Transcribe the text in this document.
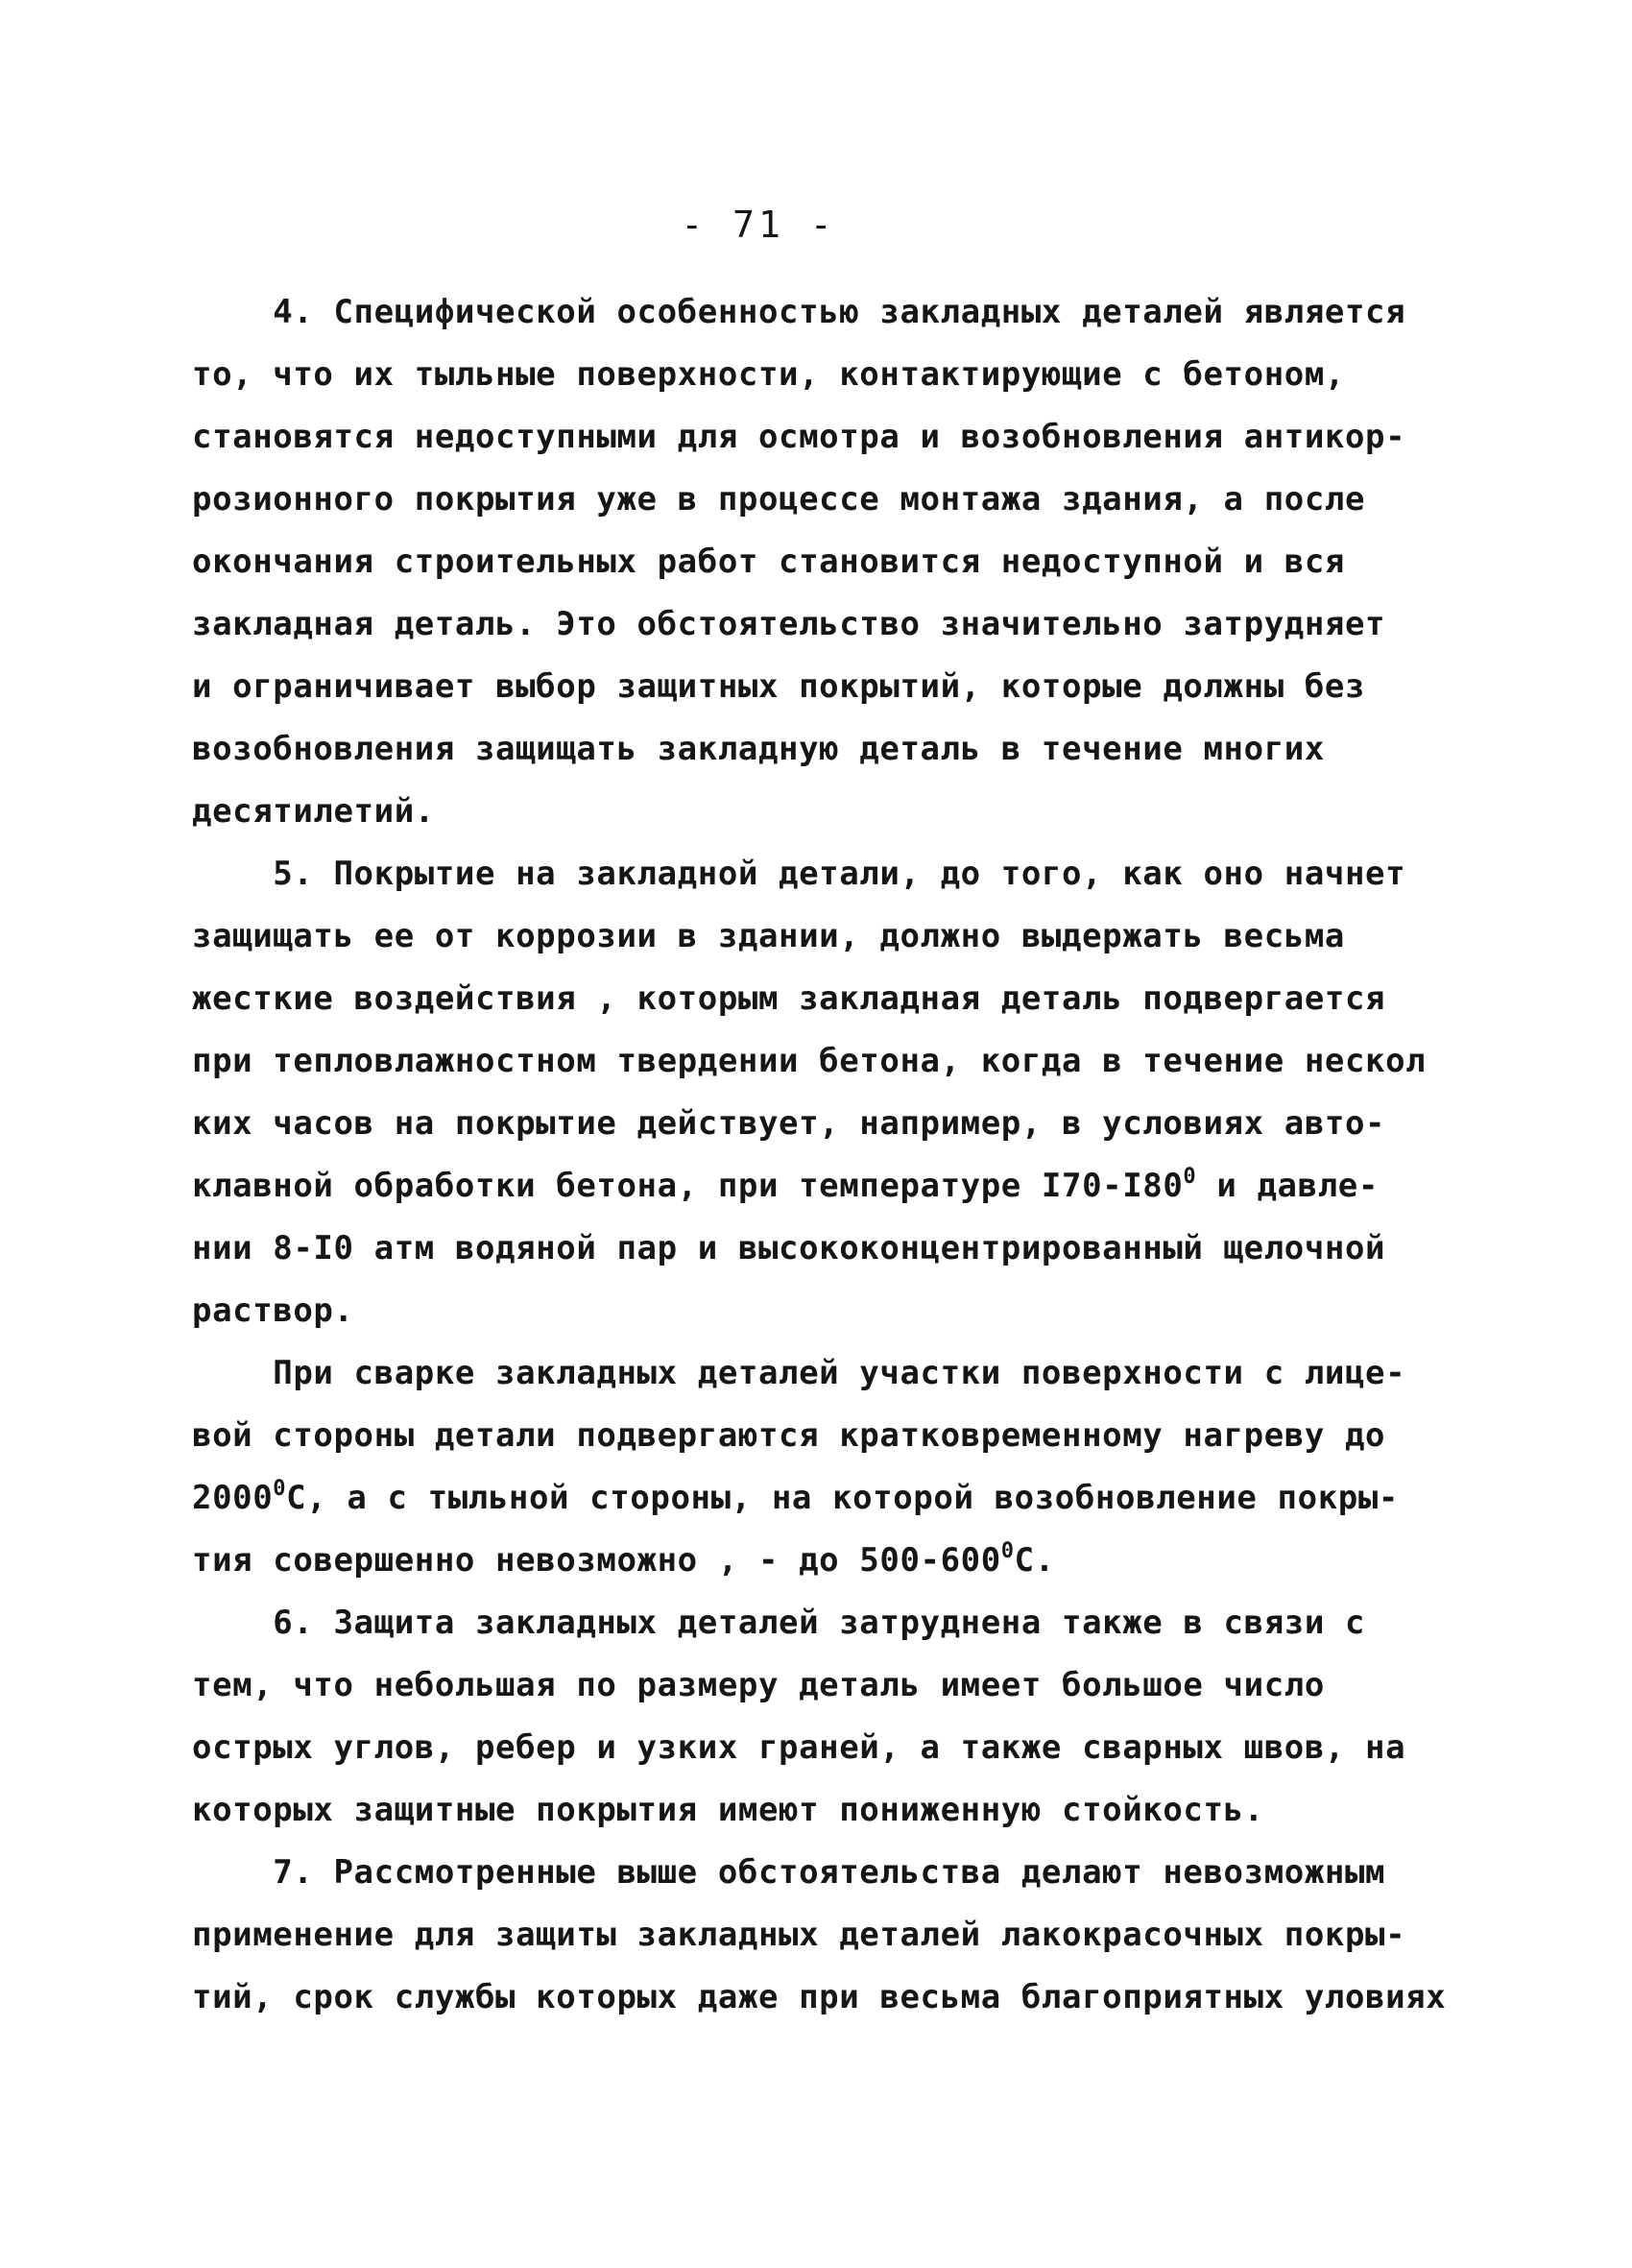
- 71 -
4. Специфической особенностью закладных деталей является
то, что их тыльные поверхности, контактирующие с бетоном,
становятся недоступными для осмотра и возобновления антикор-
розионного покрытия уже в процессе монтажа здания, а после
окончания строительных работ становится недоступной и вся
закладная деталь. Это обстоятельство значительно затрудняет
и ограничивает выбор защитных покрытий, которые должны без
возобновления защищать закладную деталь в течение многих
десятилетий.
5. Покрытие на закладной детали, до того, как оно начнет
защищать ее от коррозии в здании, должно выдержать весьма
жесткие воздействия , которым закладная деталь подвергается
при тепловлажностном твердении бетона, когда в течение нескол
ких часов на покрытие действует, например, в условиях авто-
клавной обработки бетона, при температуре $I70-I80^0$ и давле-
нии 8-I0 атм водяной пар и высококонцентрированный щелочной
раствор.
При сварке закладных деталей участки поверхности с лице-
вой стороны детали подвергаются кратковременному нагреву до
2000$^0$С, а с тыльной стороны, на которой возобновление покры-
тия совершенно невозможно , - до $500-600^0С$.
6. Защита закладных деталей затруднена также в связи с
тем, что небольшая по размеру деталь имеет большое число
острых углов, ребер и узких граней, а также сварных швов, на
которых защитные покрытия имеют пониженную стойкость.
7. Рассмотренные выше обстоятельства делают невозможным
применение для защиты закладных деталей лакокрасочных покры-
тий, срок службы которых даже при весьма благоприятных уловиях
